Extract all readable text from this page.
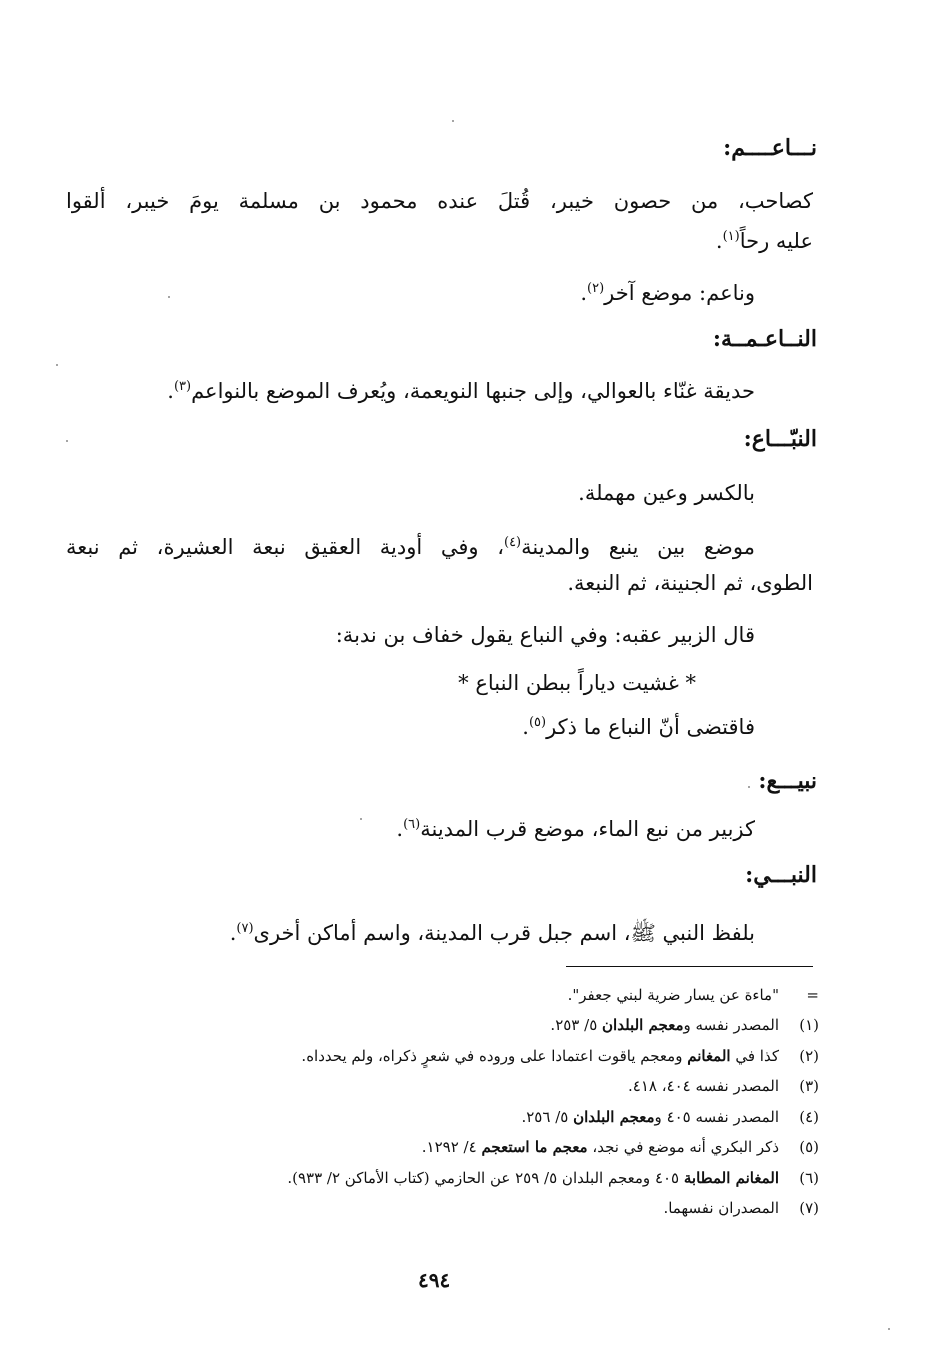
نـــاعــــم:
كصاحب، من حصون خيبر، قُتلَ عنده محمود بن مسلمة يومَ خيبر، ألقوا
عليه رحاً$^{(١)}$.
وناعم: موضع آخر$^{(٢)}$.
النــاعـمــة:
حديقة غنّاء بالعوالي، وإلى جنبها النويعمة، ويُعرف الموضع بالنواعم$^{(٣)}$.
النبّـــاع:
بالكسر وعين مهملة.
موضع بين ينبع والمدينة$^{(٤)}$، وفي أودية العقيق نبعة العشيرة، ثم نبعة
الطوى، ثم الجنينة، ثم النبعة.
قال الزبير عقبه: وفي النباع يقول خفاف بن ندبة:
* غشيت دياراً ببطن النباع *
فاقتضى أنّ النباع ما ذكر$^{(٥)}$.
نبيـــع:
كزبير من نبع الماء، موضع قرب المدينة$^{(٦)}$.
النبـــي:
بلفظ النبي ﷺ، اسم جبل قرب المدينة، واسم أماكن أخرى$^{(٧)}$.
="ماءة عن يسار ضرية لبني جعفر".
(١)المصدر نفسه ومعجم البلدان ٥/ ٢٥٣.
(٢)كذا في المغانم ومعجم ياقوت اعتمادا على وروده في شعرٍ ذكراه، ولم يحدداه.
(٣)المصدر نفسه ٤٠٤، ٤١٨.
(٤)المصدر نفسه ٤٠٥ ومعجم البلدان ٥/ ٢٥٦.
(٥)ذكر البكري أنه موضع في نجد، معجم ما استعجم ٤/ ١٢٩٢.
(٦)المغانم المطابة ٤٠٥ ومعجم البلدان ٥/ ٢٥٩ عن الحازمي (كتاب الأماكن ٢/ ٩٣٣).
(٧)المصدران نفسهما.
٤٩٤
